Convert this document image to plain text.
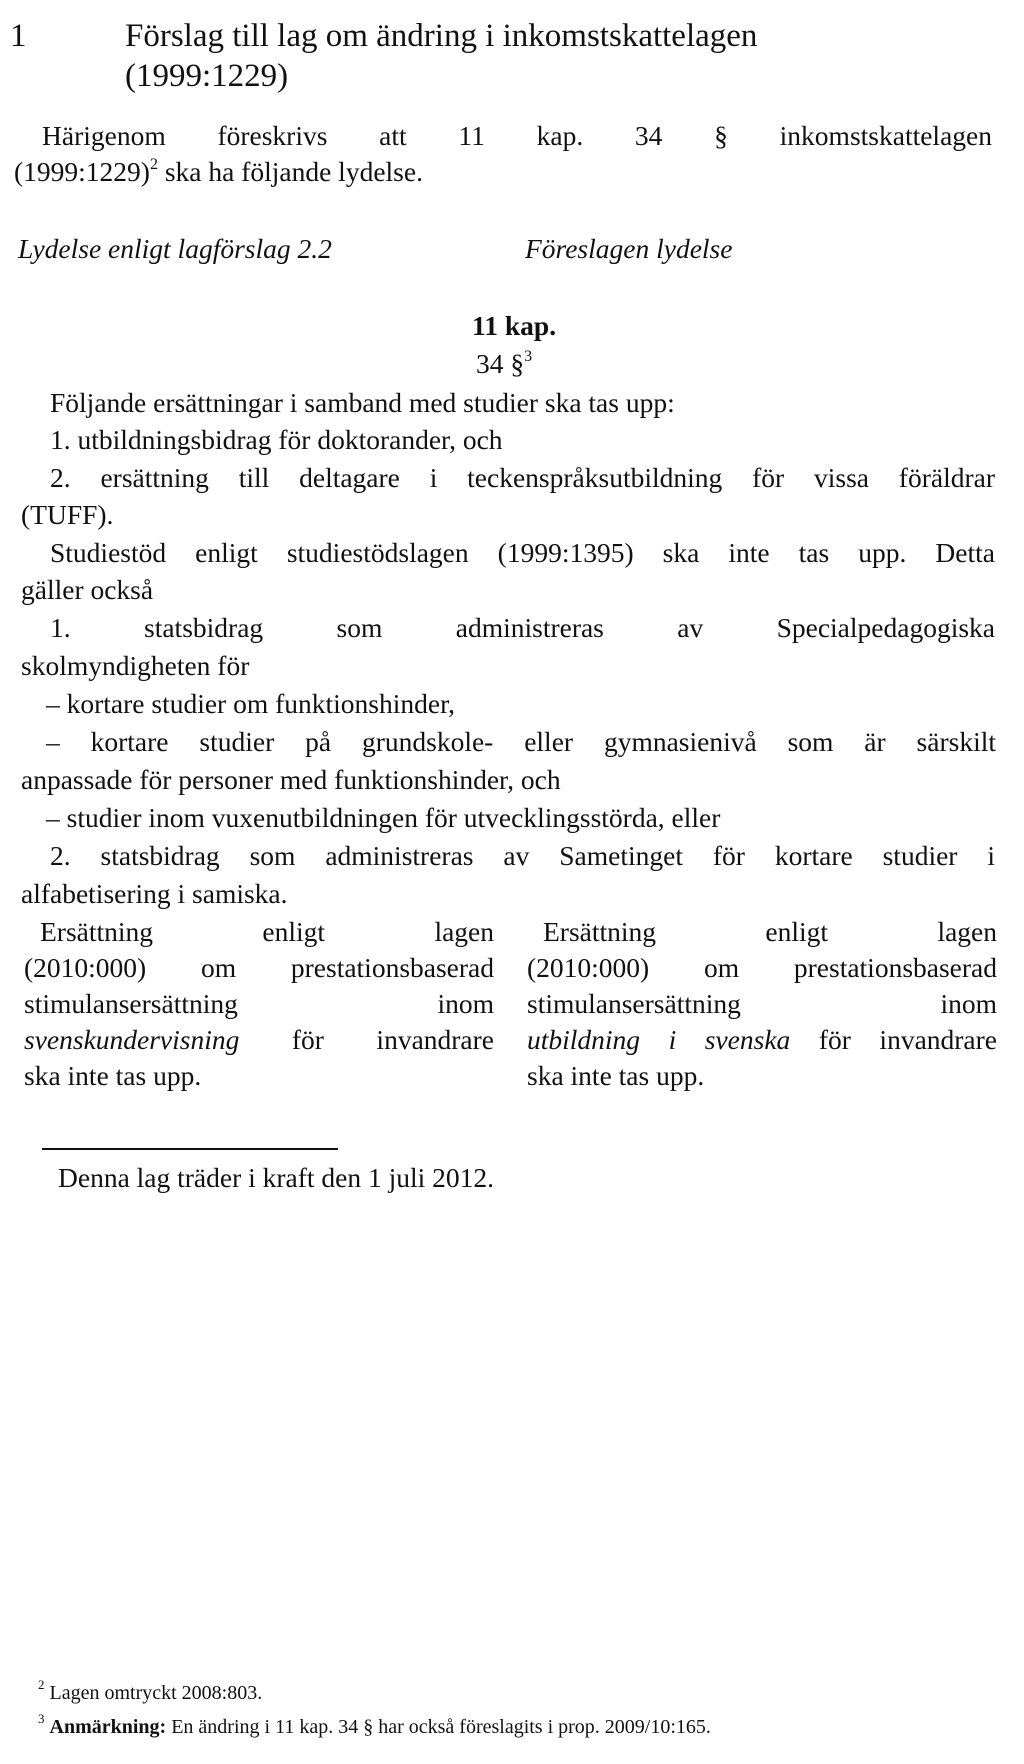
1	Förslag till lag om ändring i inkomstskattelagen
(1999:1229)
Härigenom föreskrivs att 11 kap. 34 § inkomstskattelagen
(1999:1229)$^2$ ska ha följande lydelse.
Lydelse enligt lagförslag 2.2	Föreslagen lydelse
11 kap.
34 §$^3$
Följande ersättningar i samband med studier ska tas upp:
1. utbildningsbidrag för doktorander, och
2. ersättning till deltagare i teckenspråksutbildning för vissa föräldrar
(TUFF).
Studiestöd enligt studiestödslagen (1999:1395) ska inte tas upp. Detta
gäller också
1. statsbidrag som administreras av Specialpedagogiska
skolmyndigheten för
– kortare studier om funktionshinder,
– kortare studier på grundskole- eller gymnasienivå som är särskilt
anpassade för personer med funktionshinder, och
– studier inom vuxenutbildningen för utvecklingsstörda, eller
2. statsbidrag som administreras av Sametinget för kortare studier i
alfabetisering i samiska.
Ersättning enligt lagen
(2010:000) om prestationsbaserad
stimulansersättning inom
svenskundervisning för invandrare
ska inte tas upp.
Ersättning enligt lagen
(2010:000) om prestationsbaserad
stimulansersättning inom
utbildning i svenska för invandrare
ska inte tas upp.
Denna lag träder i kraft den 1 juli 2012.
$^2$ Lagen omtryckt 2008:803.
$^3$ Anmärkning: En ändring i 11 kap. 34 § har också föreslagits i prop. 2009/10:165.
